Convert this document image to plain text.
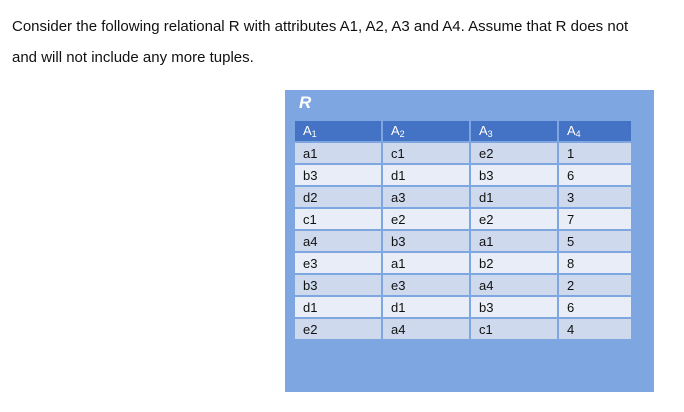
Consider the following relational R with attributes A1, A2, A3 and A4. Assume that R does not
and will not include any more tuples.

R
$A_1$	$A_2$	$A_3$	$A_4$
a1	c1	e2	1
b3	d1	b3	6
d2	a3	d1	3
c1	e2	e2	7
a4	b3	a1	5
e3	a1	b2	8
b3	e3	a4	2
d1	d1	b3	6
e2	a4	c1	4
